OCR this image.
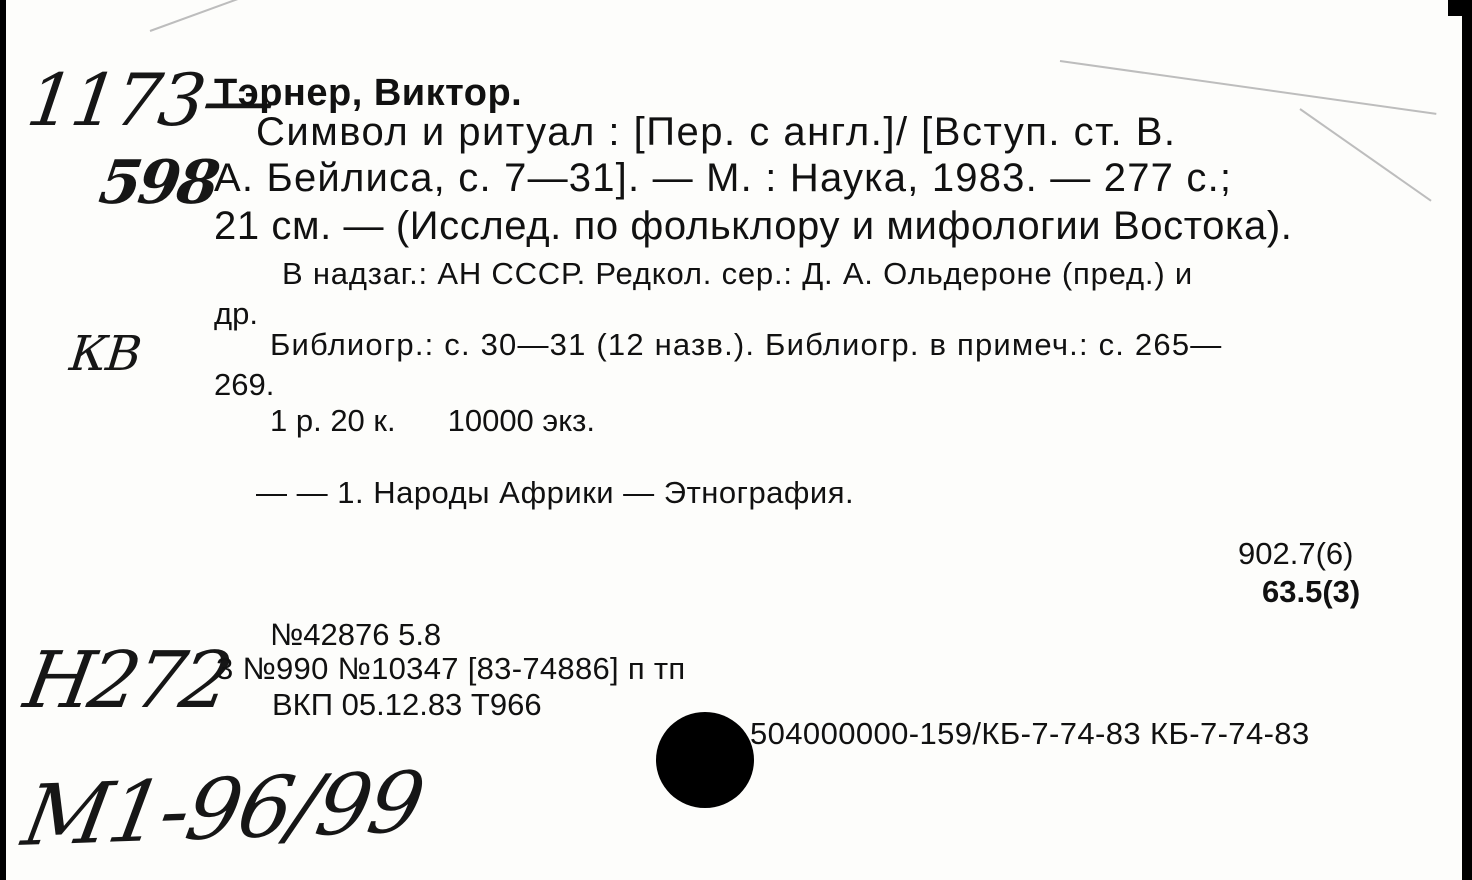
1173—
598
КВ
Н272
М1-96/99
Тэрнер, Виктор.
Символ и ритуал : [Пер. с англ.]/ [Вступ. ст. В.
А. Бейлиса, с. 7—31]. — М. : Наука, 1983. — 277 с.;
21 см. — (Исслед. по фольклору и мифологии Востока).
В надзаг.: АН СССР. Редкол. сер.: Д. А. Ольдероне (пред.) и
др.
Библиогр.: с. 30—31 (12 назв.). Библиогр. в примеч.: с. 265—
269.
1 р. 20 к. 10000 экз.
— — 1. Народы Африки — Этнография.
902.7(6)
63.5(3)
№42876 5.8
3 №990 №10347 [83-74886] п тп
ВКП 05.12.83 Т966
504000000-159/КБ-7-74-83 КБ-7-74-83
